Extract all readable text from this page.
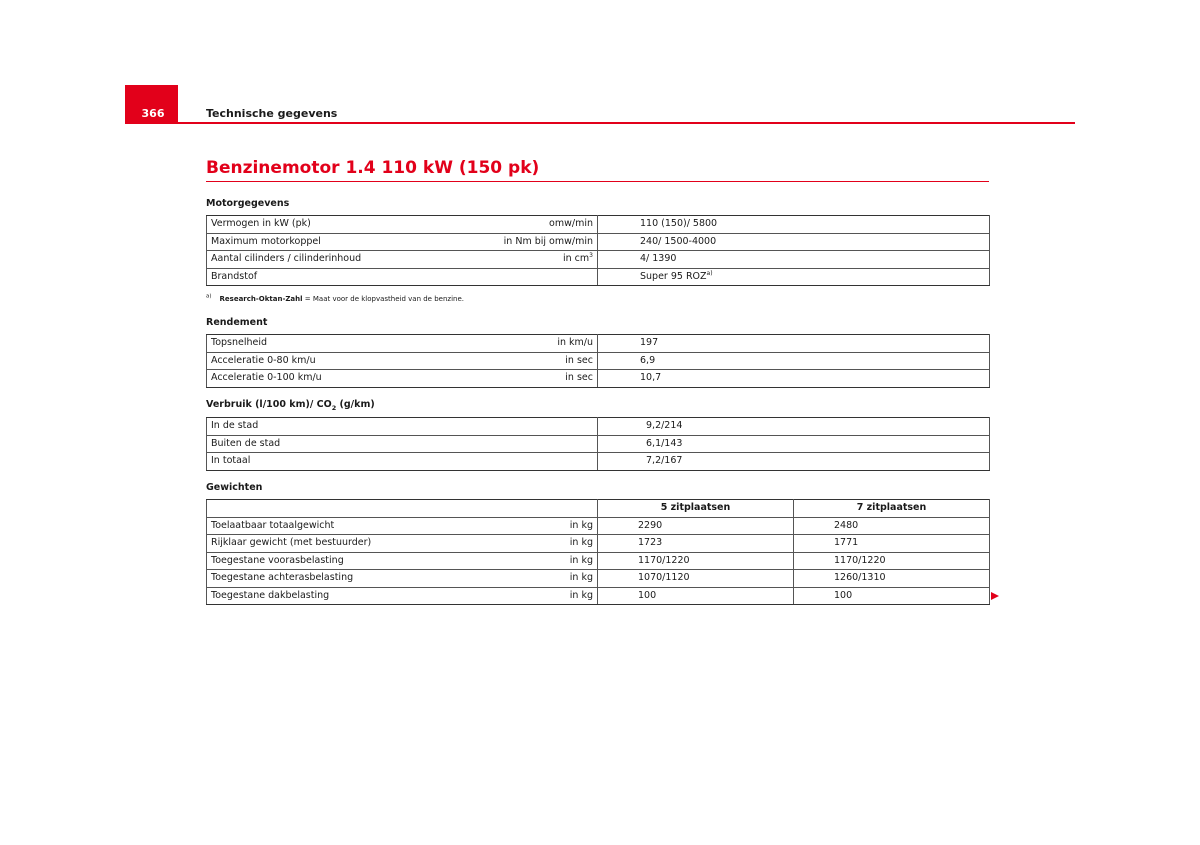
366	Technische gegevens
Benzinemotor 1.4 110 kW (150 pk)
Motorgegevens
Vermogen in kW (pk) omw/min	110 (150)/ 5800
Maximum motorkoppel in Nm bij omw/min	240/ 1500-4000
Aantal cilinders / cilinderinhoud in $cm^3$	4/ 1390
Brandstof	Super 95 ROZ$^{a)}$
$^{a)}$ Research-Oktan-Zahl = Maat voor de klopvastheid van de benzine.
Rendement
Topsnelheid in km/u	197
Acceleratie 0-80 km/u in sec	6,9
Acceleratie 0-100 km/u in sec	10,7
Verbruik (l/100 km)/ $CO_2$ (g/km)
In de stad	9,2/214
Buiten de stad	6,1/143
In totaal	7,2/167
Gewichten
	5 zitplaatsen	7 zitplaatsen
Toelaatbaar totaalgewicht in kg	2290	2480
Rijklaar gewicht (met bestuurder) in kg	1723	1771
Toegestane voorasbelasting in kg	1170/1220	1170/1220
Toegestane achterasbelasting in kg	1070/1120	1260/1310
Toegestane dakbelasting in kg	100	100
